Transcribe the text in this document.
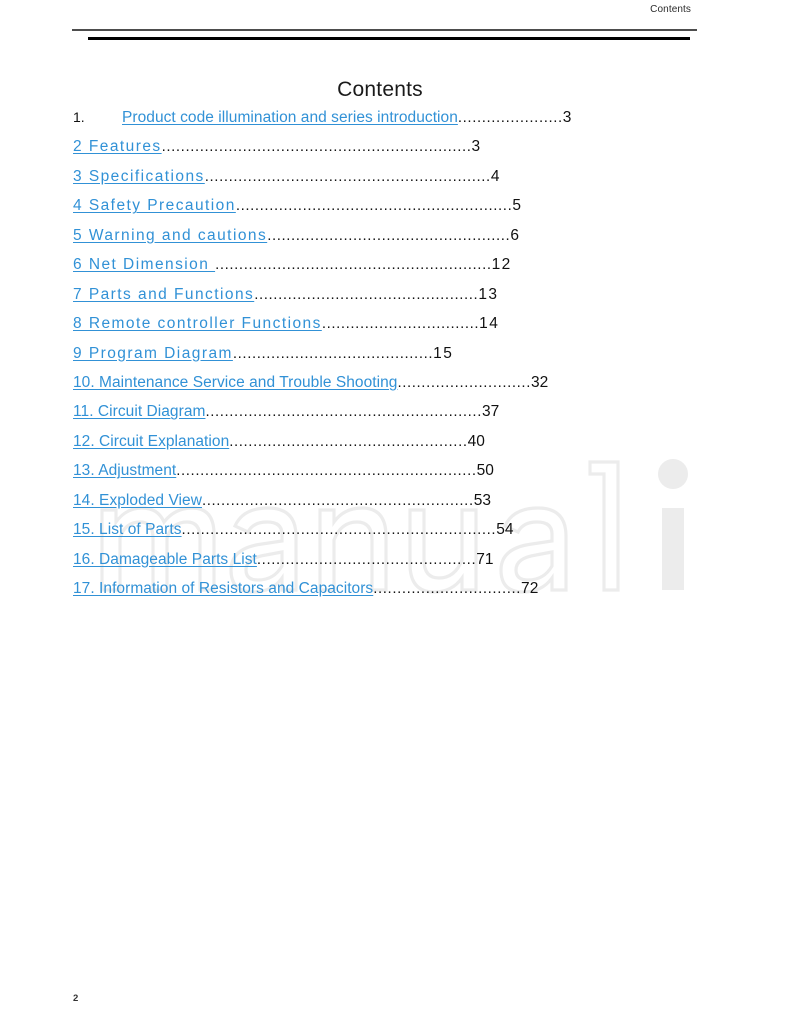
Contents
Contents
1. Product code illumination and series introduction......................3
2 Features.................................................................3
3 Specifications............................................................4
4 Safety Precaution..........................................................5
5 Warning and cautions...................................................6
6 Net Dimension ..........................................................12
7 Parts and Functions...............................................13
8 Remote controller Functions.................................14
9 Program Diagram..........................................15
10. Maintenance Service and Trouble Shooting............................32
11. Circuit Diagram..........................................................37
12. Circuit Explanation..................................................40
13. Adjustment...............................................................50
14. Exploded View.........................................................53
15. List of Parts..................................................................54
16. Damageable Parts List..............................................71
17. Information of Resistors and Capacitors...............................72
2
